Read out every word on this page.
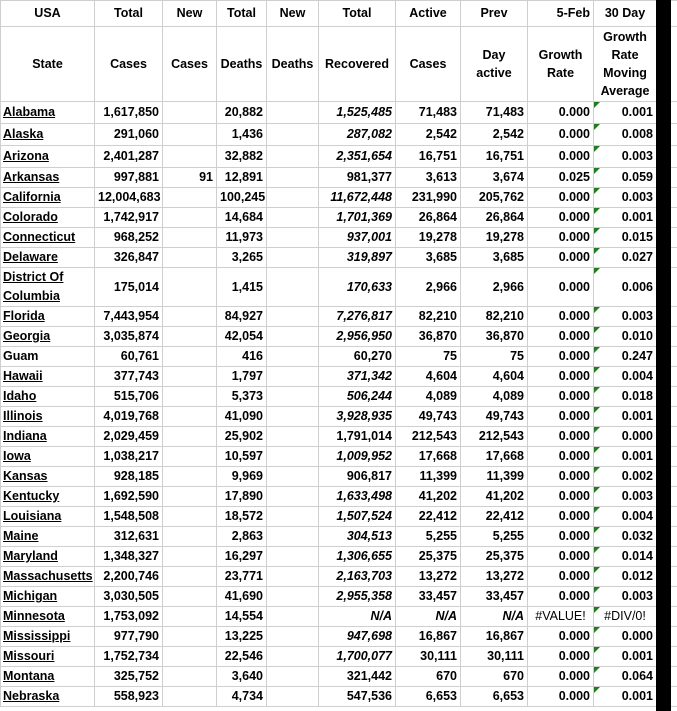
USA	Total	New	Total	New	Total	Active	Prev	5-Feb	30 Day	
State	Cases	Cases	Deaths	Deaths	Recovered	Cases	Day active	Growth Rate	Growth Rate Moving Average	
Alabama	1,617,850		20,882		1,525,485	71,483	71,483	0.000	0.001

Alaska	291,060		1,436		287,082	2,542	2,542	0.000	0.008

Arizona	2,401,287		32,882		2,351,654	16,751	16,751	0.000	0.003

Arkansas	997,881	91	12,891		981,377	3,613	3,674	0.025	0.059

California	12,004,683		100,245		11,672,448	231,990	205,762	0.000	0.003

Colorado	1,742,917		14,684		1,701,369	26,864	26,864	0.000	0.001

Connecticut	968,252		11,973		937,001	19,278	19,278	0.000	0.015

Delaware	326,847		3,265		319,897	3,685	3,685	0.000	0.027

District Of Columbia	175,014		1,415		170,633	2,966	2,966	0.000	0.006

Florida	7,443,954		84,927		7,276,817	82,210	82,210	0.000	0.003

Georgia	3,035,874		42,054		2,956,950	36,870	36,870	0.000	0.010

Guam	60,761		416		60,270	75	75	0.000	0.247

Hawaii	377,743		1,797		371,342	4,604	4,604	0.000	0.004

Idaho	515,706		5,373		506,244	4,089	4,089	0.000	0.018

Illinois	4,019,768		41,090		3,928,935	49,743	49,743	0.000	0.001

Indiana	2,029,459		25,902		1,791,014	212,543	212,543	0.000	0.000

Iowa	1,038,217		10,597		1,009,952	17,668	17,668	0.000	0.001

Kansas	928,185		9,969		906,817	11,399	11,399	0.000	0.002

Kentucky	1,692,590		17,890		1,633,498	41,202	41,202	0.000	0.003

Louisiana	1,548,508		18,572		1,507,524	22,412	22,412	0.000	0.004

Maine	312,631		2,863		304,513	5,255	5,255	0.000	0.032

Maryland	1,348,327		16,297		1,306,655	25,375	25,375	0.000	0.014

Massachusetts	2,200,746		23,771		2,163,703	13,272	13,272	0.000	0.012

Michigan	3,030,505		41,690		2,955,358	33,457	33,457	0.000	0.003

Minnesota	1,753,092		14,554		N/A	N/A	N/A	#VALUE!	#DIV/0!

Mississippi	977,790		13,225		947,698	16,867	16,867	0.000	0.000

Missouri	1,752,734		22,546		1,700,077	30,111	30,111	0.000	0.001

Montana	325,752		3,640		321,442	670	670	0.000	0.064

Nebraska	558,923		4,734		547,536	6,653	6,653	0.000	0.001
